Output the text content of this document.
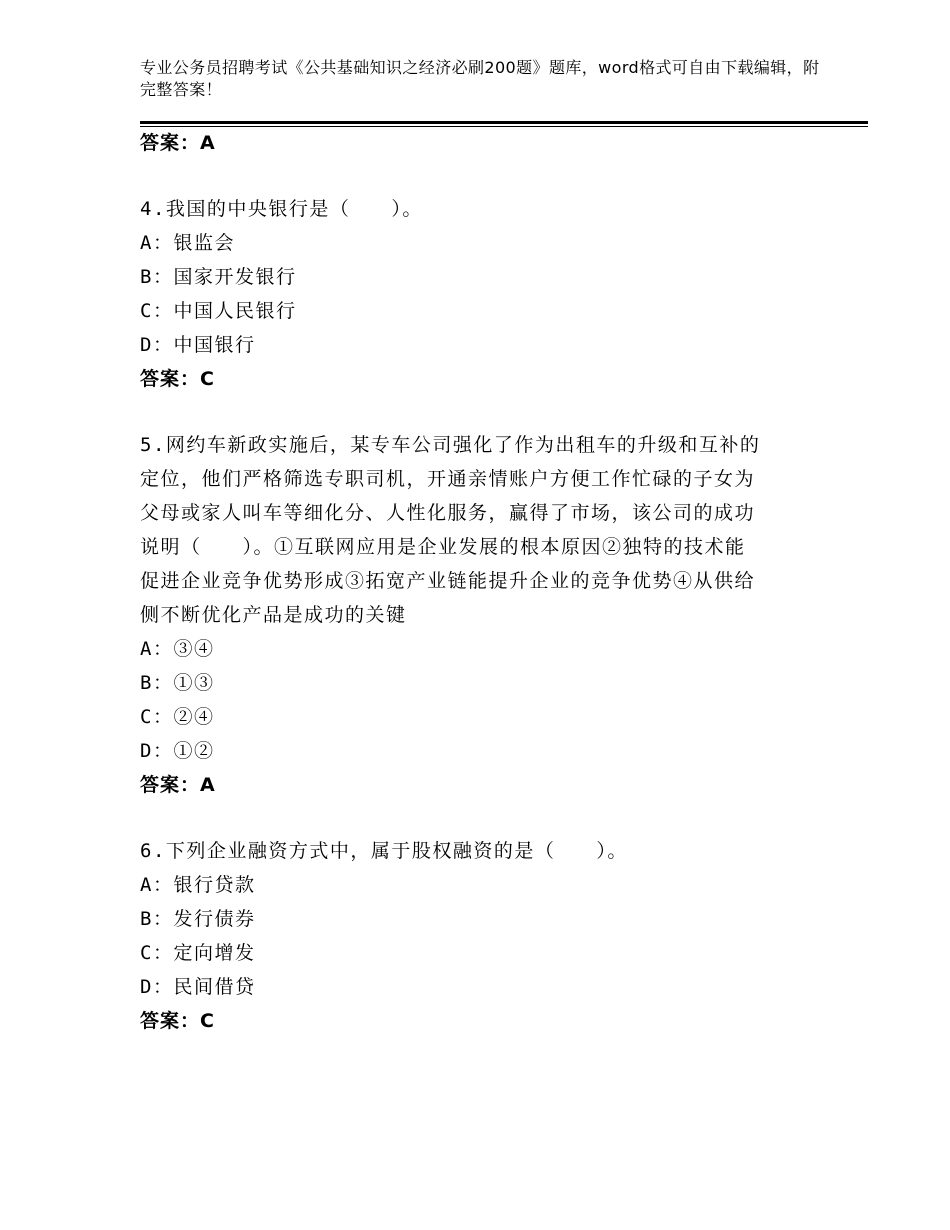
专业公务员招聘考试《公共基础知识之经济必刷200题》题库，word格式可自由下载编辑，附完整答案！
答案：A
4.我国的中央银行是（　　）。
A：银监会
B：国家开发银行
C：中国人民银行
D：中国银行
答案：C
5.网约车新政实施后，某专车公司强化了作为出租车的升级和互补的
定位，他们严格筛选专职司机，开通亲情账户方便工作忙碌的子女为
父母或家人叫车等细化分、人性化服务，赢得了市场，该公司的成功
说明（　　）。①互联网应用是企业发展的根本原因②独特的技术能
促进企业竞争优势形成③拓宽产业链能提升企业的竞争优势④从供给
侧不断优化产品是成功的关键
A：③④
B：①③
C：②④
D：①②
答案：A
6.下列企业融资方式中，属于股权融资的是（　　）。
A：银行贷款
B：发行债券
C：定向增发
D：民间借贷
答案：C
